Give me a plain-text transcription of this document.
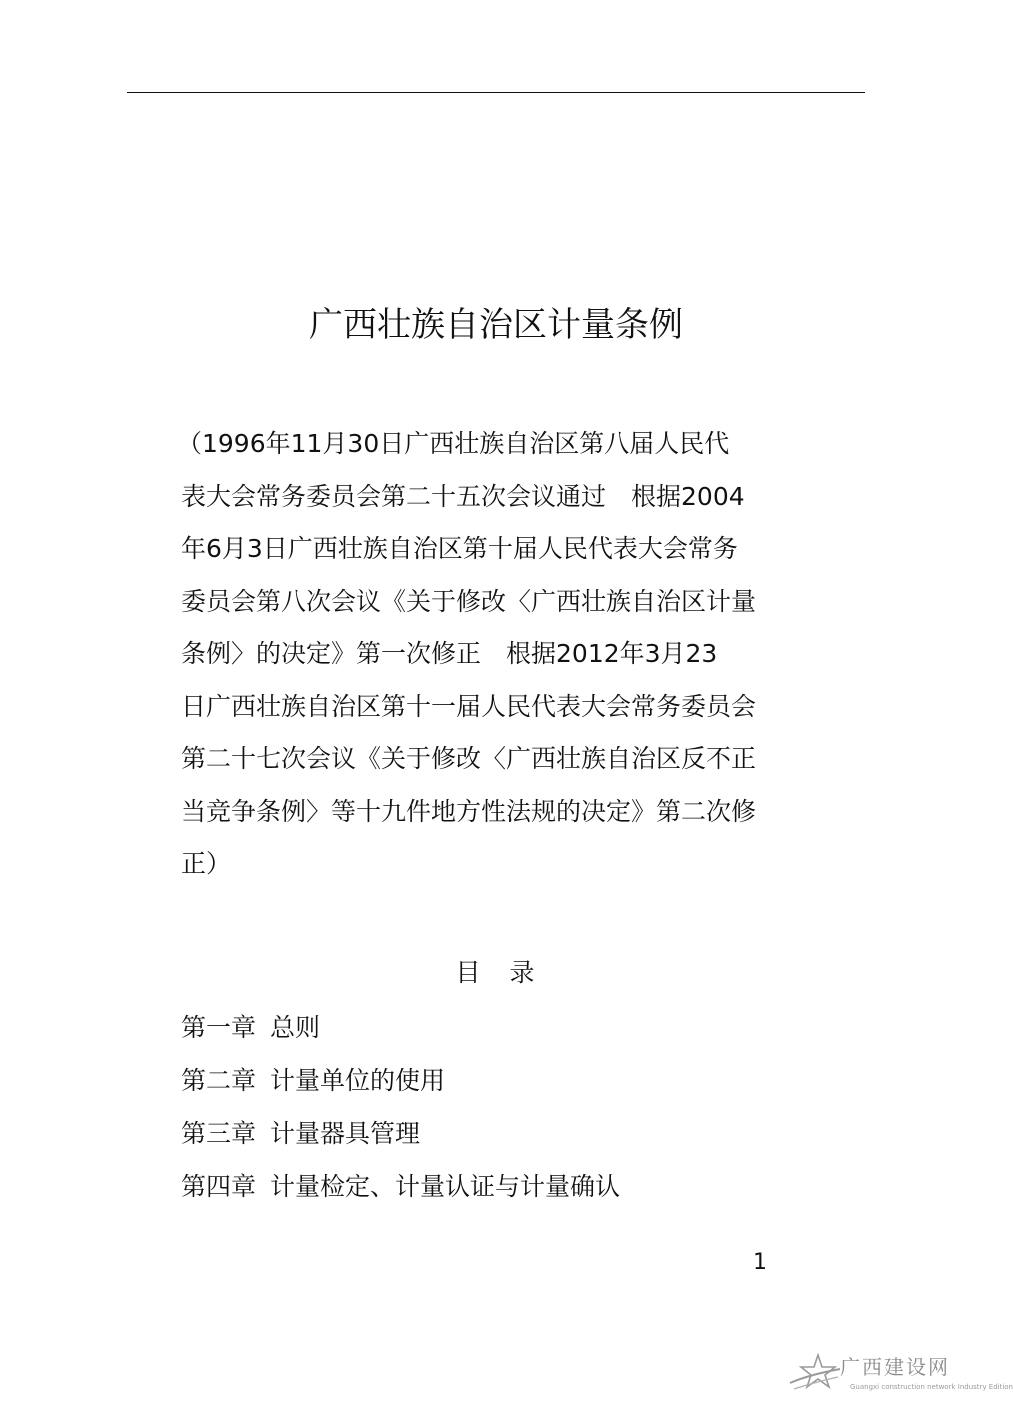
广西壮族自治区计量条例
（1996年11月30日广西壮族自治区第八届人民代
表大会常务委员会第二十五次会议通过　根据2004
年6月3日广西壮族自治区第十届人民代表大会常务
委员会第八次会议《关于修改〈广西壮族自治区计量
条例〉的决定》第一次修正　根据2012年3月23
日广西壮族自治区第十一届人民代表大会常务委员会
第二十七次会议《关于修改〈广西壮族自治区反不正
当竞争条例〉等十九件地方性法规的决定》第二次修
正）
目　录
第一章 总则
第二章 计量单位的使用
第三章 计量器具管理
第四章 计量检定、计量认证与计量确认
1
广西建设网
Guangxi construction network Industry Edition
